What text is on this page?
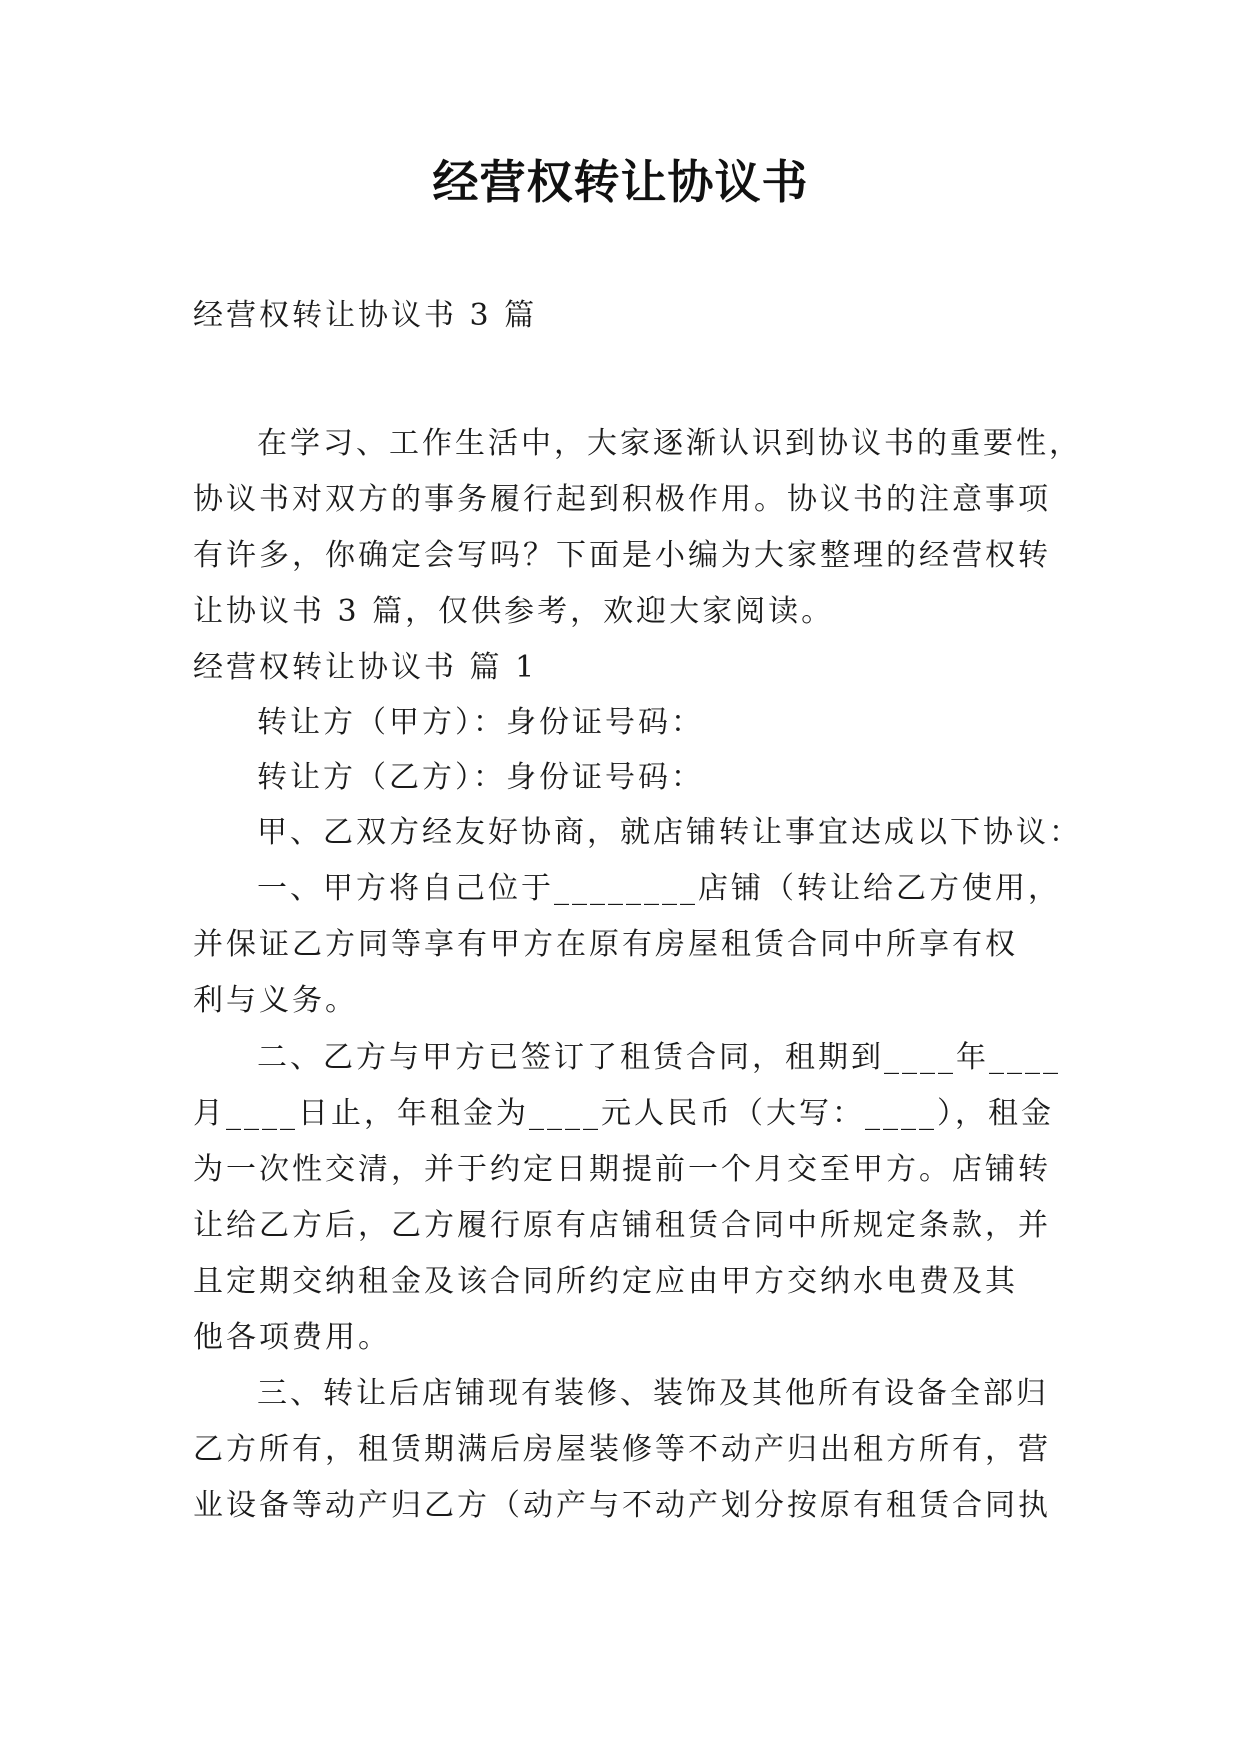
经营权转让协议书

经营权转让协议书 3 篇

在学习、工作生活中，大家逐渐认识到协议书的重要性，

协议书对双方的事务履行起到积极作用。协议书的注意事项

有许多，你确定会写吗？下面是小编为大家整理的经营权转

让协议书 3 篇，仅供参考，欢迎大家阅读。

经营权转让协议书 篇 1

转让方（甲方）：身份证号码：

转让方（乙方）：身份证号码：

甲、乙双方经友好协商，就店铺转让事宜达成以下协议：

一、甲方将自己位于________店铺（转让给乙方使用，

并保证乙方同等享有甲方在原有房屋租赁合同中所享有权

利与义务。

二、乙方与甲方已签订了租赁合同，租期到____年____

月____日止，年租金为____元人民币（大写：____），租金

为一次性交清，并于约定日期提前一个月交至甲方。店铺转

让给乙方后，乙方履行原有店铺租赁合同中所规定条款，并

且定期交纳租金及该合同所约定应由甲方交纳水电费及其

他各项费用。

三、转让后店铺现有装修、装饰及其他所有设备全部归

乙方所有，租赁期满后房屋装修等不动产归出租方所有，营

业设备等动产归乙方（动产与不动产划分按原有租赁合同执
